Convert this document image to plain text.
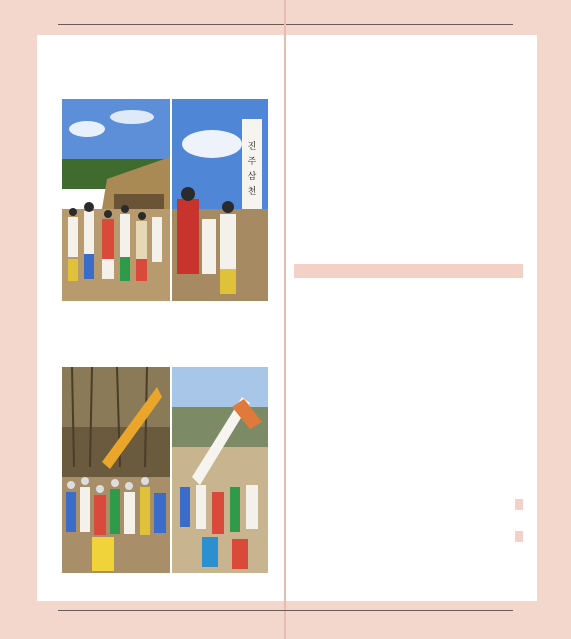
진
주
삼
천
